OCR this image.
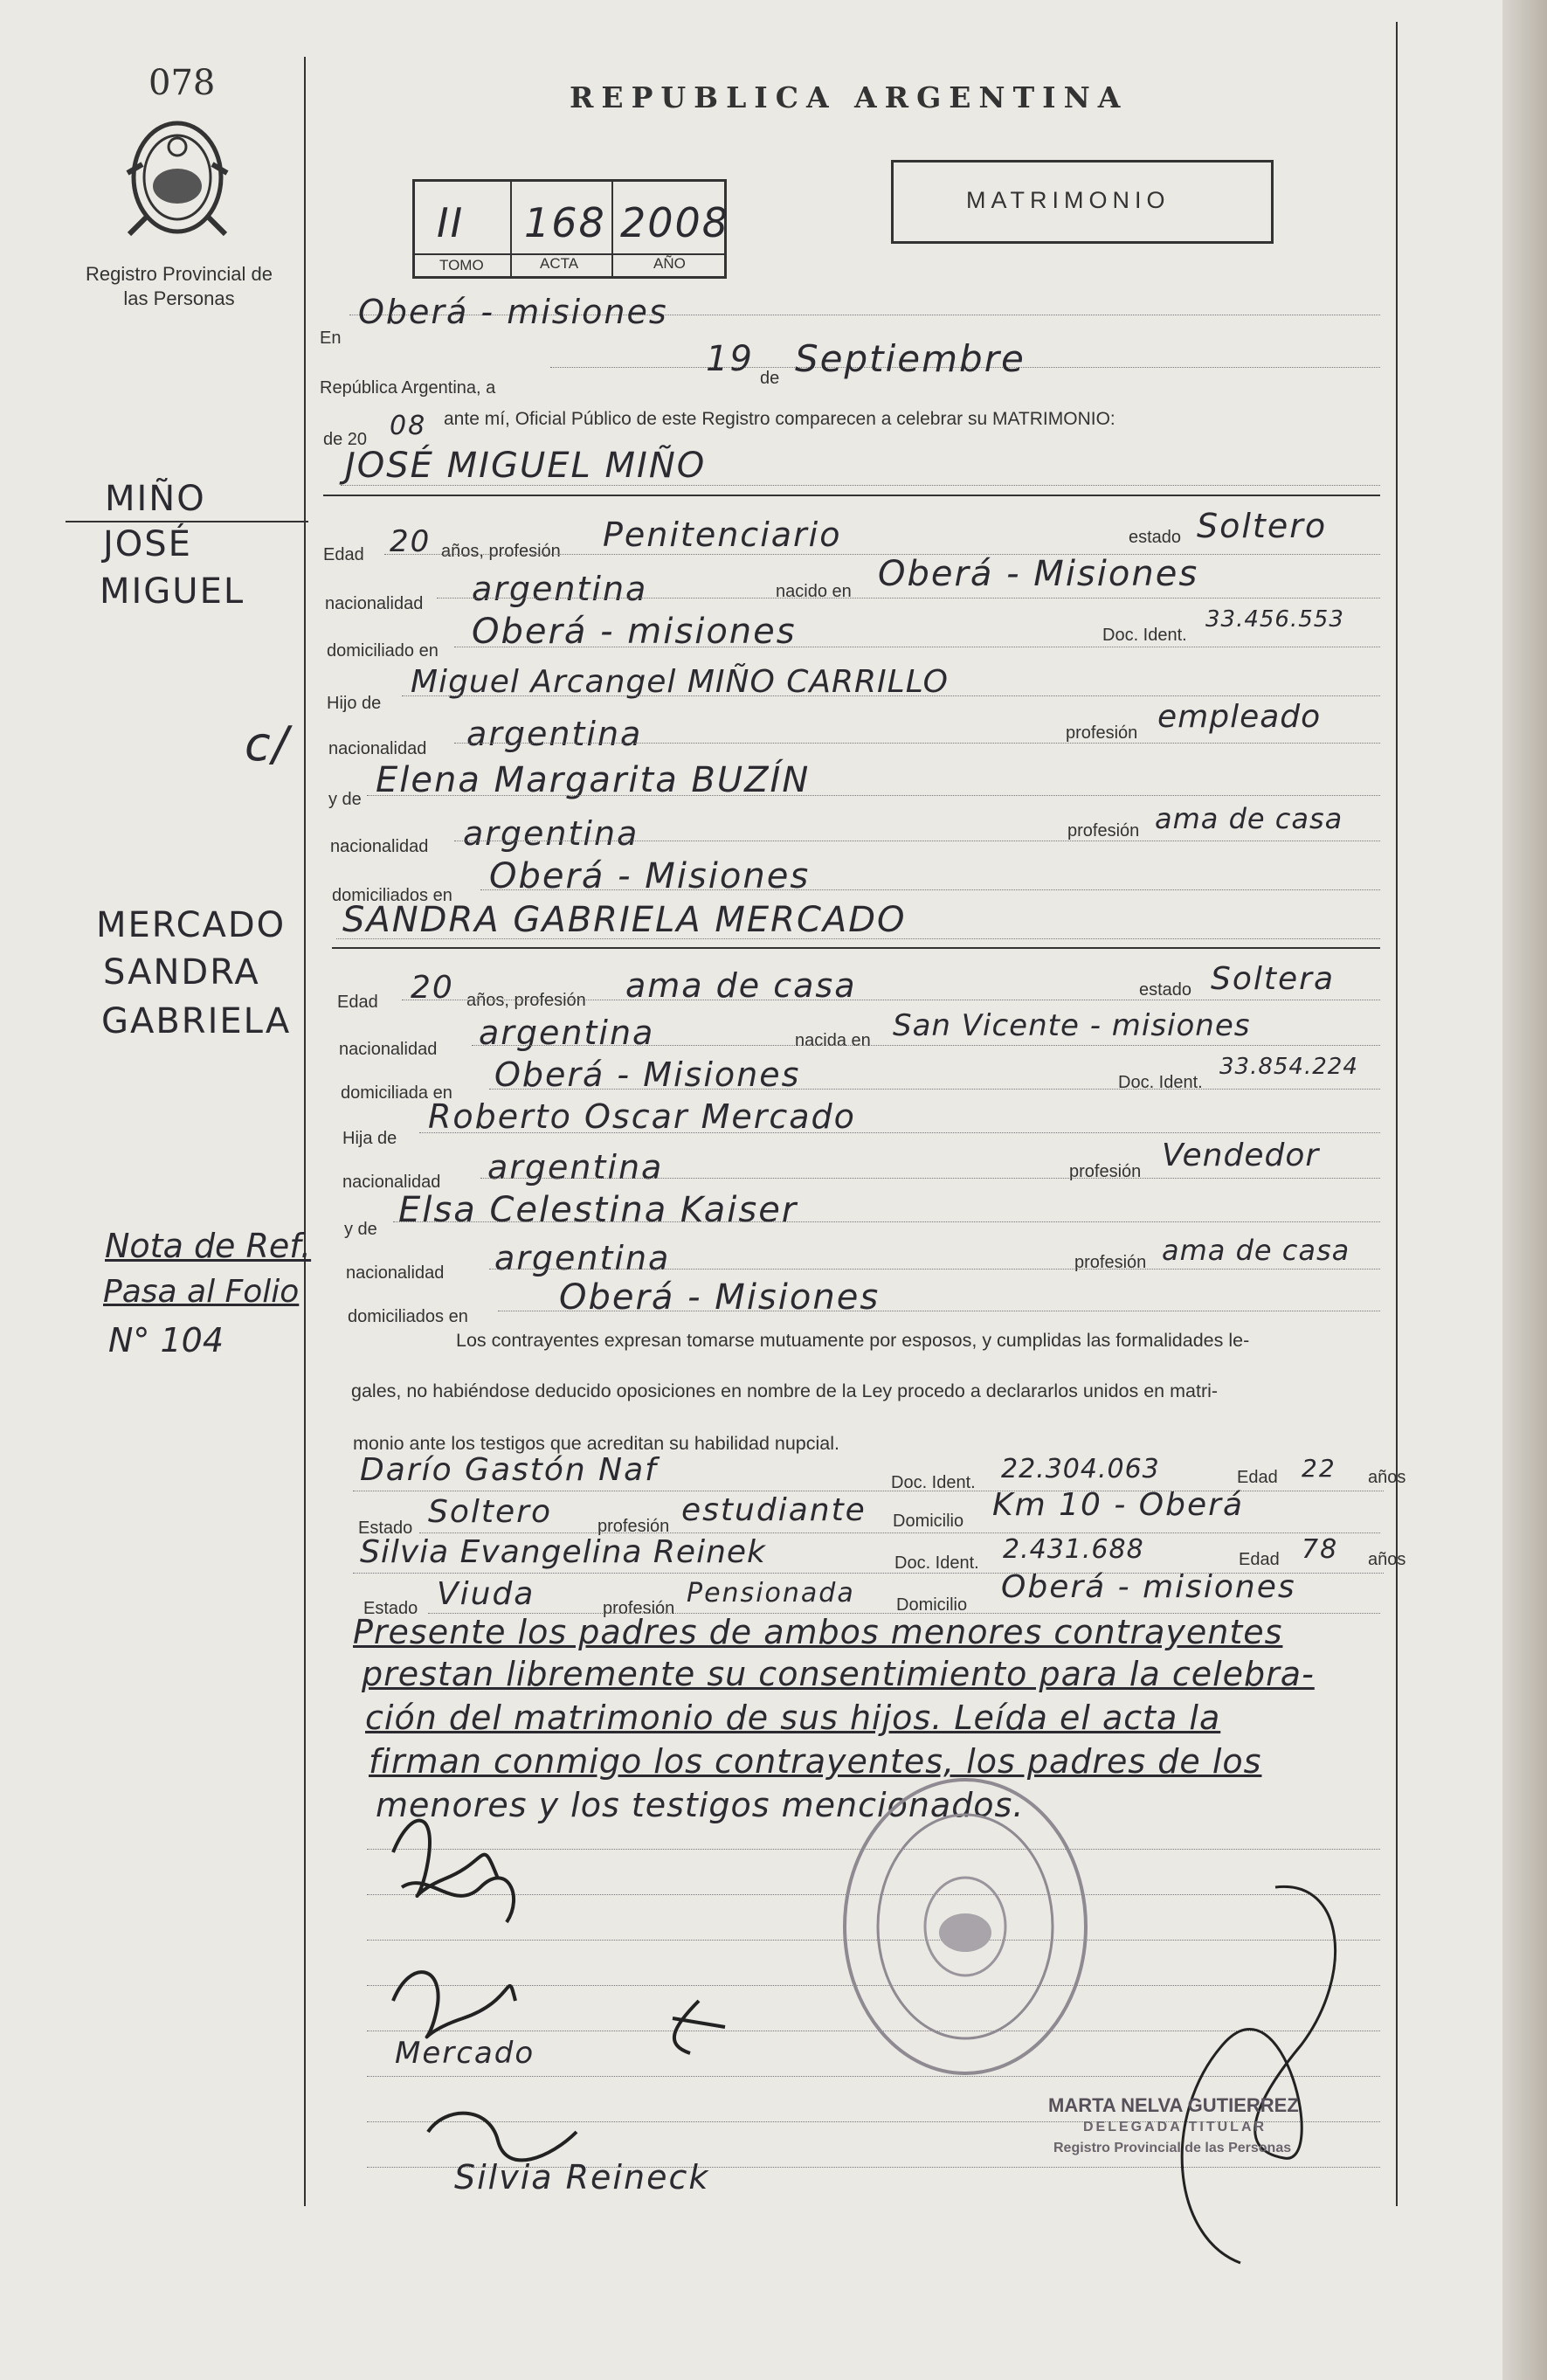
078
Registro Provincial de las Personas
REPUBLICA ARGENTINA
MATRIMONIO
II 168 2008
TOMO	ACTA	AÑO
En
Oberá - misiones
República Argentina, a
19 de Septiembre
de 20 08 ante mí, Oficial Público de este Registro comparecen a celebrar su MATRIMONIO:
JOSÉ MIGUEL MIÑO
Edad 20 años, profesión Penitenciario	estado Soltero
nacionalidad argentina	nacido en Oberá - Misiones
domiciliado en Oberá - misiones	Doc. Ident.
33.456.553
Hijo de
Miguel Arcangel MIÑO CARRILLO
nacionalidad argentina	profesión empleado
y de Elena Margarita BUZÍN
nacionalidad argentina	profesión ama de casa
domiciliados en Oberá - Misiones
SANDRA GABRIELA MERCADO
Edad 20 años, profesión ama de casa	estado Soltera
nacionalidad argentina	nacida en San Vicente - misiones
domiciliada en Oberá - Misiones	Doc. Ident.
33.854.224
Hija de
Roberto Oscar Mercado
nacionalidad argentina	profesión Vendedor
y de Elsa Celestina Kaiser
nacionalidad argentina	profesión ama de casa
domiciliados en	Oberá - Misiones
Los contrayentes expresan tomarse mutuamente por esposos, y cumplidas las formalidades le-
gales, no habiéndose deducido oposiciones en nombre de la Ley procedo a declararlos unidos en matri-
monio ante los testigos que acreditan su habilidad nupcial.
Darío Gastón Naf	Doc. Ident. 22.304.063	Edad 22 años
Estado Soltero	profesión estudiante Domicilio Km 10 - Oberá
Silvia Evangelina Reinek	Doc. Ident. 2.431.688	Edad 78 años
Estado Viuda	profesión Pensionada Domicilio Oberá - misiones
Presente los padres de ambos menores contrayentes
prestan libremente su consentimiento para la celebra-
ción del matrimonio de sus hijos. Leída el acta la
firman conmigo los contrayentes, los padres de los
menores y los testigos mencionados.
MIÑO
JOSÉ
MIGUEL
c/
MERCADO
SANDRA
GABRIELA
Nota de Ref.
Pasa al Folio
N° 104
Mercado
Silvia Reineck
MARTA NELVA GUTIERREZ
DELEGADA TITULAR
Registro Provincial de las Personas
